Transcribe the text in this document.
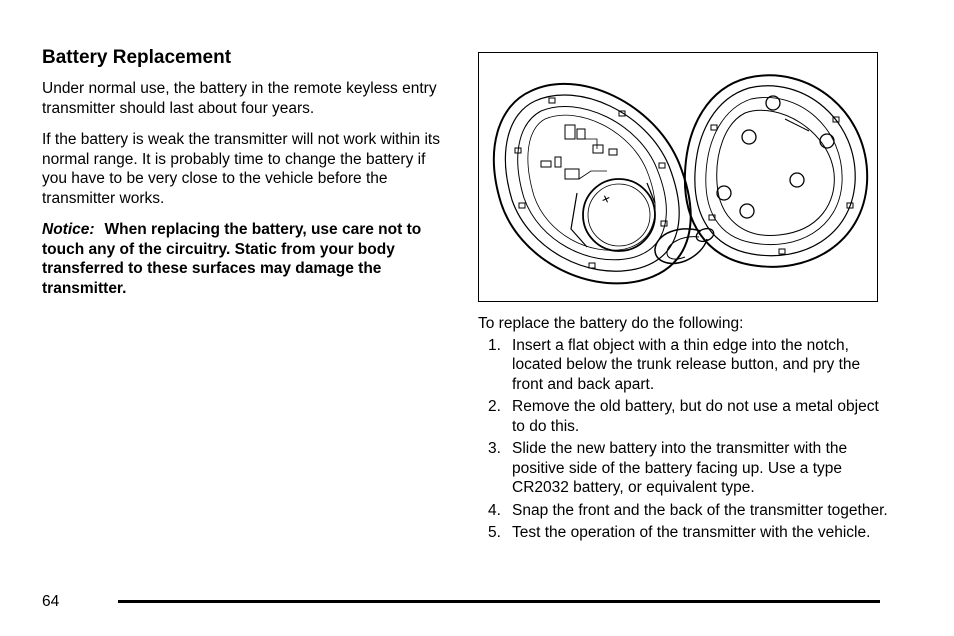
Battery Replacement

Under normal use, the battery in the remote keyless entry transmitter should last about four years.

If the battery is weak the transmitter will not work within its normal range. It is probably time to change the battery if you have to be very close to the vehicle before the transmitter works.

Notice: When replacing the battery, use care not to touch any of the circuitry. Static from your body transferred to these surfaces may damage the transmitter.

+

To replace the battery do the following:

1. Insert a flat object with a thin edge into the notch, located below the trunk release button, and pry the front and back apart.
2. Remove the old battery, but do not use a metal object to do this.
3. Slide the new battery into the transmitter with the positive side of the battery facing up. Use a type CR2032 battery, or equivalent type.
4. Snap the front and the back of the transmitter together.
5. Test the operation of the transmitter with the vehicle.
64
